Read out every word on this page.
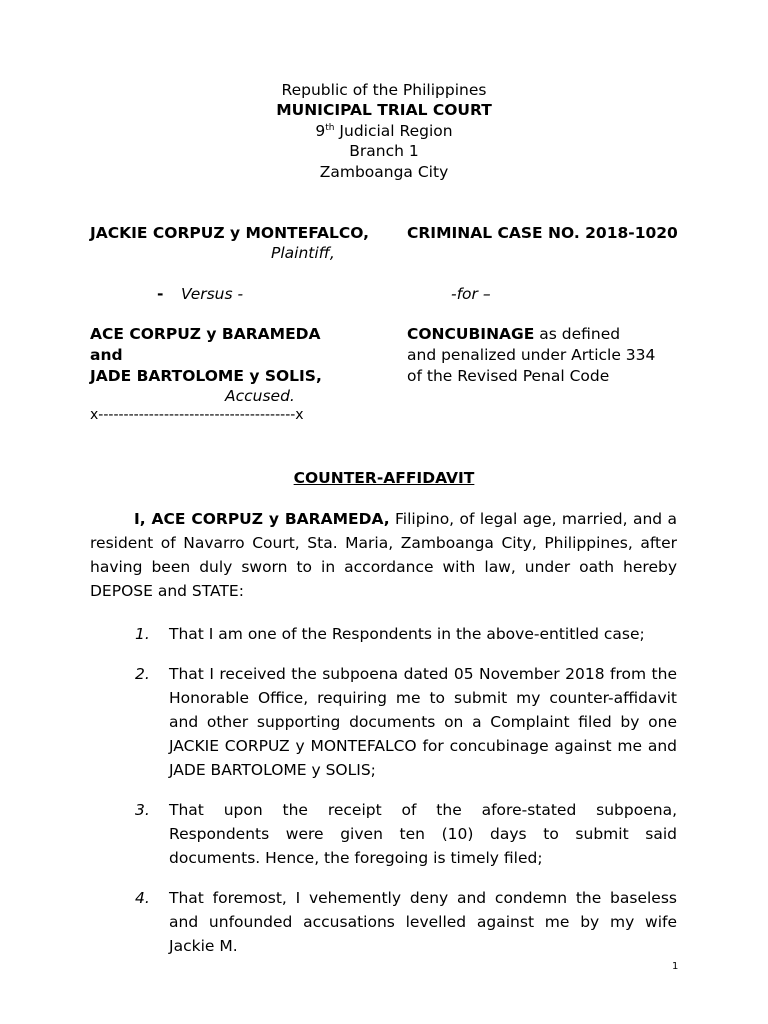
Republic of the Philippines
MUNICIPAL TRIAL COURT
9th Judicial Region
Branch 1
Zamboanga City
JACKIE CORPUZ y MONTEFALCO,
Plaintiff,
CRIMINAL CASE NO. 2018-1020
- Versus -	-for –
ACE CORPUZ y BARAMEDA
and
JADE BARTOLOME y SOLIS,
Accused.
CONCUBINAGE as defined
and penalized under Article 334
of the Revised Penal Code
x---------------------------------------x
COUNTER-AFFIDAVIT
I, ACE CORPUZ y BARAMEDA, Filipino, of legal age, married, and a resident of Navarro Court, Sta. Maria, Zamboanga City, Philippines, after having been duly sworn to in accordance with law, under oath hereby DEPOSE and STATE:
1. That I am one of the Respondents in the above-entitled case;
2. That I received the subpoena dated 05 November 2018 from the Honorable Office, requiring me to submit my counter-affidavit and other supporting documents on a Complaint filed by one JACKIE CORPUZ y MONTEFALCO for concubinage against me and JADE BARTOLOME y SOLIS;
3. That upon the receipt of the afore-stated subpoena, Respondents were given ten (10) days to submit said documents. Hence, the foregoing is timely filed;
4. That foremost, I vehemently deny and condemn the baseless and unfounded accusations levelled against me by my wife Jackie M.
1
